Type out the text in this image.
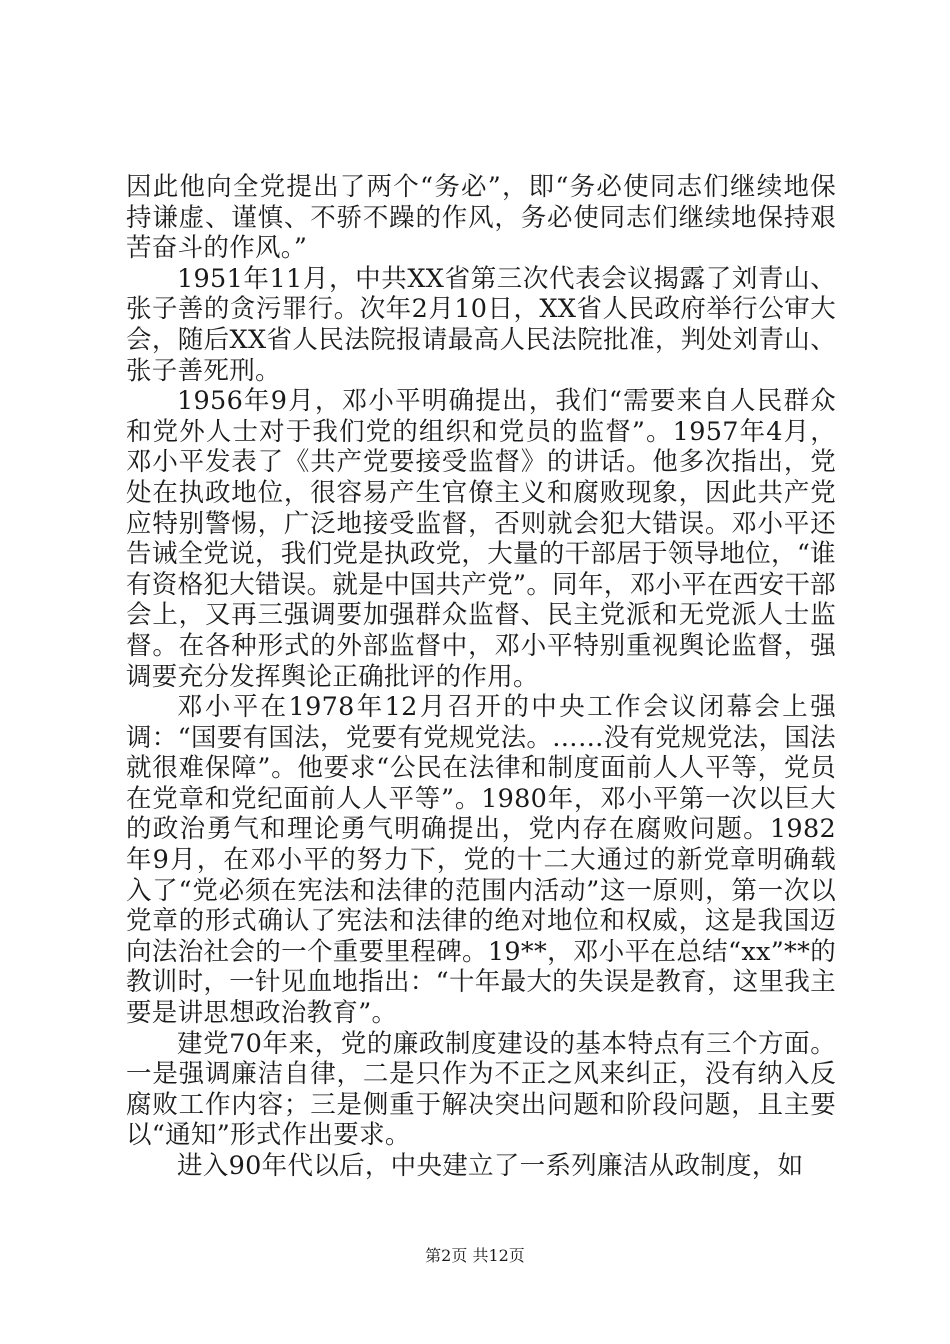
因此他向全党提出了两个“务必”，即“务必使同志们继续地保持谦虚、谨慎、不骄不躁的作风，务必使同志们继续地保持艰苦奋斗的作风。”

1951年11月，中共XX省第三次代表会议揭露了刘青山、张子善的贪污罪行。次年2月10日，XX省人民政府举行公审大会，随后XX省人民法院报请最高人民法院批准，判处刘青山、张子善死刑。

1956年9月，邓小平明确提出，我们“需要来自人民群众和党外人士对于我们党的组织和党员的监督”。1957年4月，邓小平发表了《共产党要接受监督》的讲话。他多次指出，党处在执政地位，很容易产生官僚主义和腐败现象，因此共产党应特别警惕，广泛地接受监督，否则就会犯大错误。邓小平还告诫全党说，我们党是执政党，大量的干部居于领导地位，“谁有资格犯大错误。就是中国共产党”。同年，邓小平在西安干部会上，又再三强调要加强群众监督、民主党派和无党派人士监督。在各种形式的外部监督中，邓小平特别重视舆论监督，强调要充分发挥舆论正确批评的作用。

邓小平在1978年12月召开的中央工作会议闭幕会上强调：“国要有国法，党要有党规党法。……没有党规党法，国法就很难保障”。他要求“公民在法律和制度面前人人平等，党员在党章和党纪面前人人平等”。1980年，邓小平第一次以巨大的政治勇气和理论勇气明确提出，党内存在腐败问题。1982年9月，在邓小平的努力下，党的十二大通过的新党章明确载入了“党必须在宪法和法律的范围内活动”这一原则，第一次以党章的形式确认了宪法和法律的绝对地位和权威，这是我国迈向法治社会的一个重要里程碑。19**，邓小平在总结“xx”**的教训时，一针见血地指出：“十年最大的失误是教育，这里我主要是讲思想政治教育”。

建党70年来，党的廉政制度建设的基本特点有三个方面。一是强调廉洁自律，二是只作为不正之风来纠正，没有纳入反腐败工作内容；三是侧重于解决突出问题和阶段问题，且主要以“通知”形式作出要求。

进入90年代以后，中央建立了一系列廉洁从政制度，如

第2页 共12页
